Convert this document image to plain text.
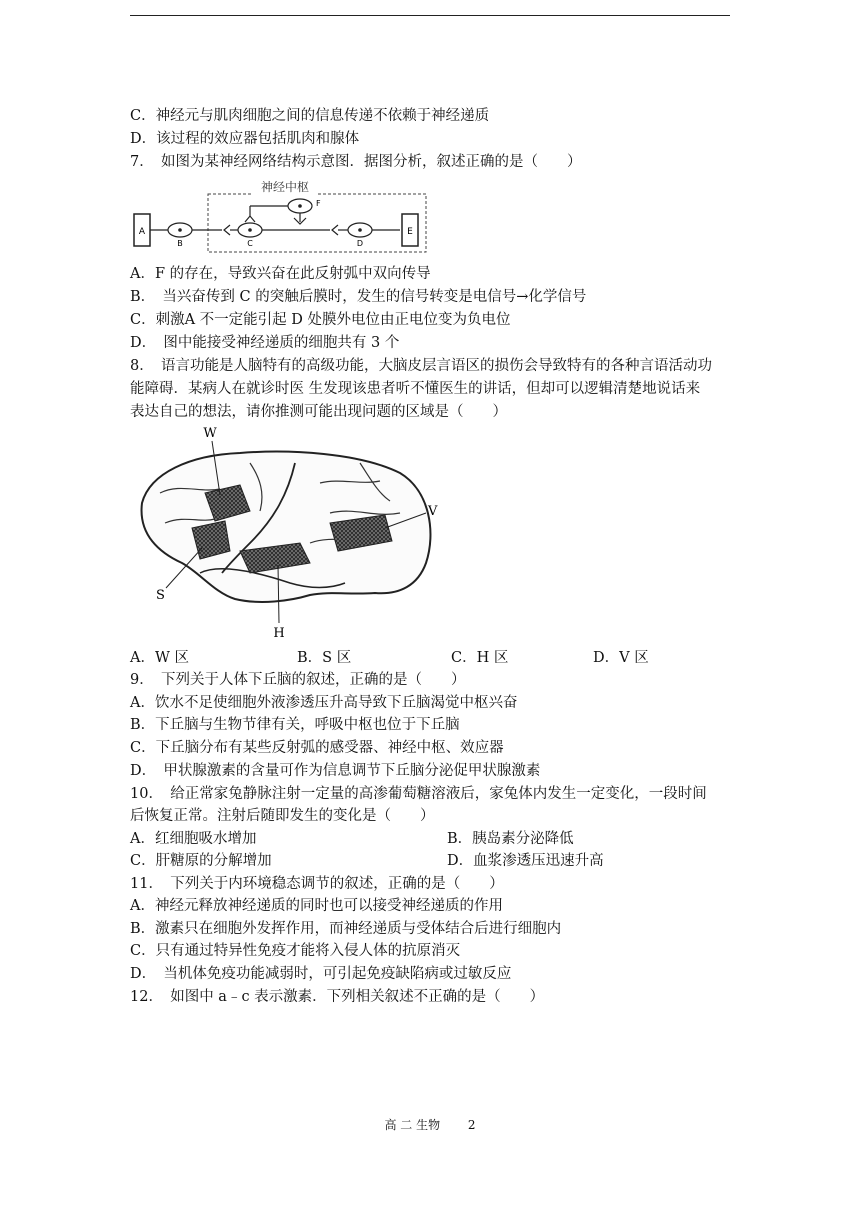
C．神经元与肌肉细胞之间的信息传递不依赖于神经递质
D．该过程的效应器包括肌肉和腺体
7．　如图为某神经网络结构示意图．据图分析，叙述正确的是（　　）
神经中枢
A
B	C
F
D
E
A．F 的存在，导致兴奋在此反射弧中双向传导
B．　当兴奋传到 C 的突触后膜时，发生的信号转变是电信号→化学信号
C．刺激A 不一定能引起 D 处膜外电位由正电位变为负电位
D．　图中能接受神经递质的细胞共有 3 个
8．　语言功能是人脑特有的高级功能，大脑皮层言语区的损伤会导致特有的各种言语活动功
能障碍．某病人在就诊时医 生发现该患者听不懂医生的讲话，但却可以逻辑清楚地说话来
表达自己的想法，请你推测可能出现问题的区域是（　　）
W
V
S
H
A．W 区	B．S 区	C．H 区	D．V 区
9．　下列关于人体下丘脑的叙述，正确的是（　　）
A．饮水不足使细胞外液渗透压升高导致下丘脑渴觉中枢兴奋
B．下丘脑与生物节律有关，呼吸中枢也位于下丘脑
C．下丘脑分布有某些反射弧的感受器、神经中枢、效应器
D．　甲状腺激素的含量可作为信息调节下丘脑分泌促甲状腺激素
10．　给正常家兔静脉注射一定量的高渗葡萄糖溶液后，家兔体内发生一定变化，一段时间
后恢复正常。注射后随即发生的变化是（　　）
A．红细胞吸水增加	B．胰岛素分泌降低
C．肝糖原的分解增加	D．血浆渗透压迅速升高
11．　下列关于内环境稳态调节的叙述，正确的是（　　）
A．神经元释放神经递质的同时也可以接受神经递质的作用
B．激素只在细胞外发挥作用，而神经递质与受体结合后进行细胞内
C．只有通过特异性免疫才能将入侵人体的抗原消灭
D．　当机体免疫功能减弱时，可引起免疫缺陷病或过敏反应
12．　如图中 a﹣c 表示激素．下列相关叙述不正确的是（　　）
高 二 生物 2
